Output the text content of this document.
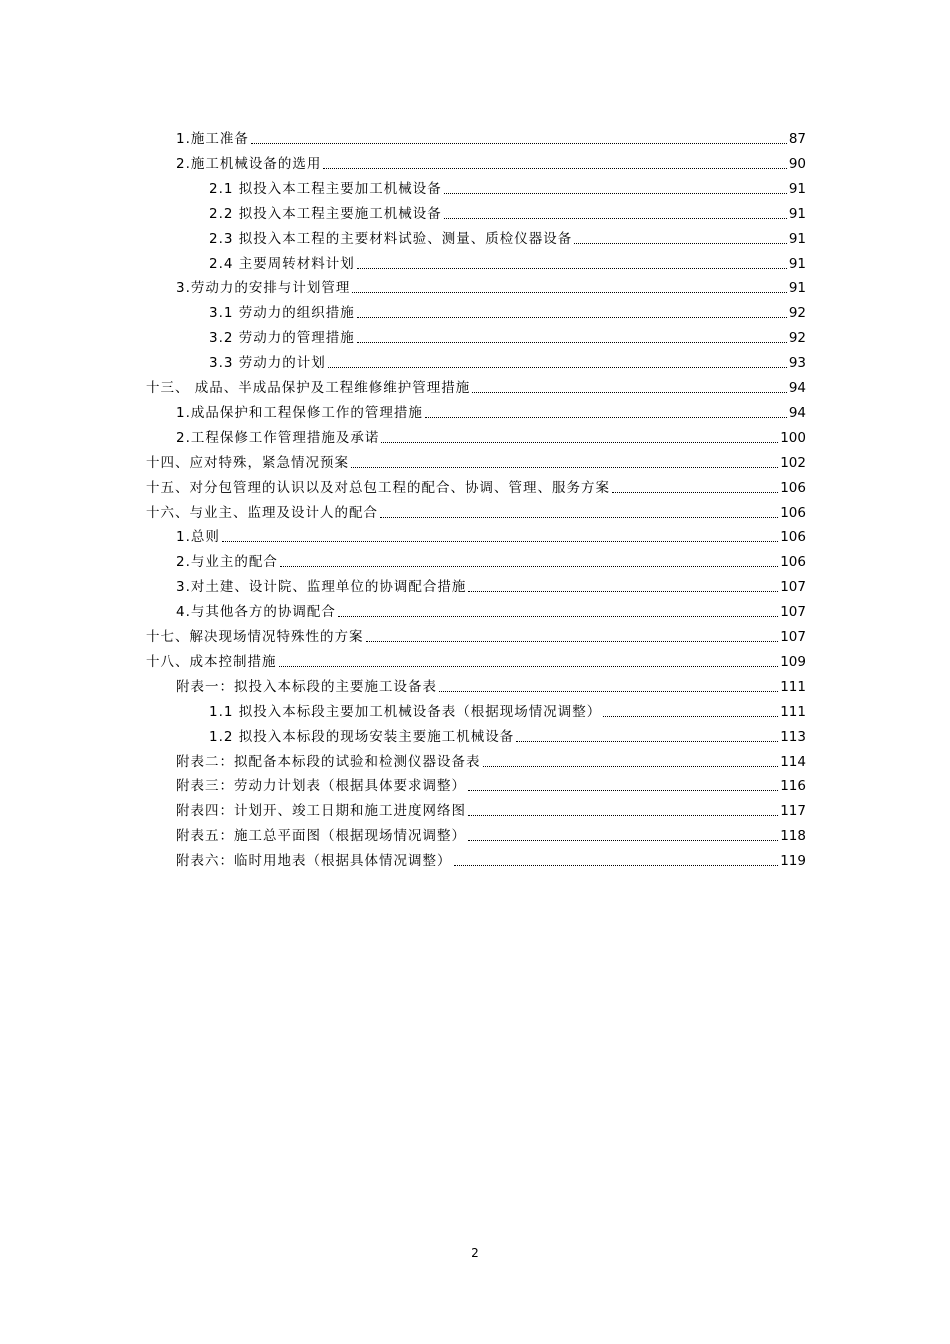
1.施工准备	87
2.施工机械设备的选用	90
2.1 拟投入本工程主要加工机械设备	91
2.2 拟投入本工程主要施工机械设备	91
2.3 拟投入本工程的主要材料试验、测量、质检仪器设备	91
2.4 主要周转材料计划	91
3.劳动力的安排与计划管理	91
3.1 劳动力的组织措施	92
3.2 劳动力的管理措施	92
3.3 劳动力的计划	93
十三、 成品、半成品保护及工程维修维护管理措施	94
1.成品保护和工程保修工作的管理措施	94
2.工程保修工作管理措施及承诺	100
十四、应对特殊，紧急情况预案	102
十五、对分包管理的认识以及对总包工程的配合、协调、管理、服务方案	106
十六、与业主、监理及设计人的配合	106
1.总则	106
2.与业主的配合	106
3.对土建、设计院、监理单位的协调配合措施	107
4.与其他各方的协调配合	107
十七、解决现场情况特殊性的方案	107
十八、成本控制措施	109
附表一：拟投入本标段的主要施工设备表	111
1.1 拟投入本标段主要加工机械设备表（根据现场情况调整）	111
1.2 拟投入本标段的现场安装主要施工机械设备	113
附表二：拟配备本标段的试验和检测仪器设备表	114
附表三：劳动力计划表（根据具体要求调整）	116
附表四：计划开、竣工日期和施工进度网络图	117
附表五：施工总平面图（根据现场情况调整）	118
附表六：临时用地表（根据具体情况调整）	119
2
